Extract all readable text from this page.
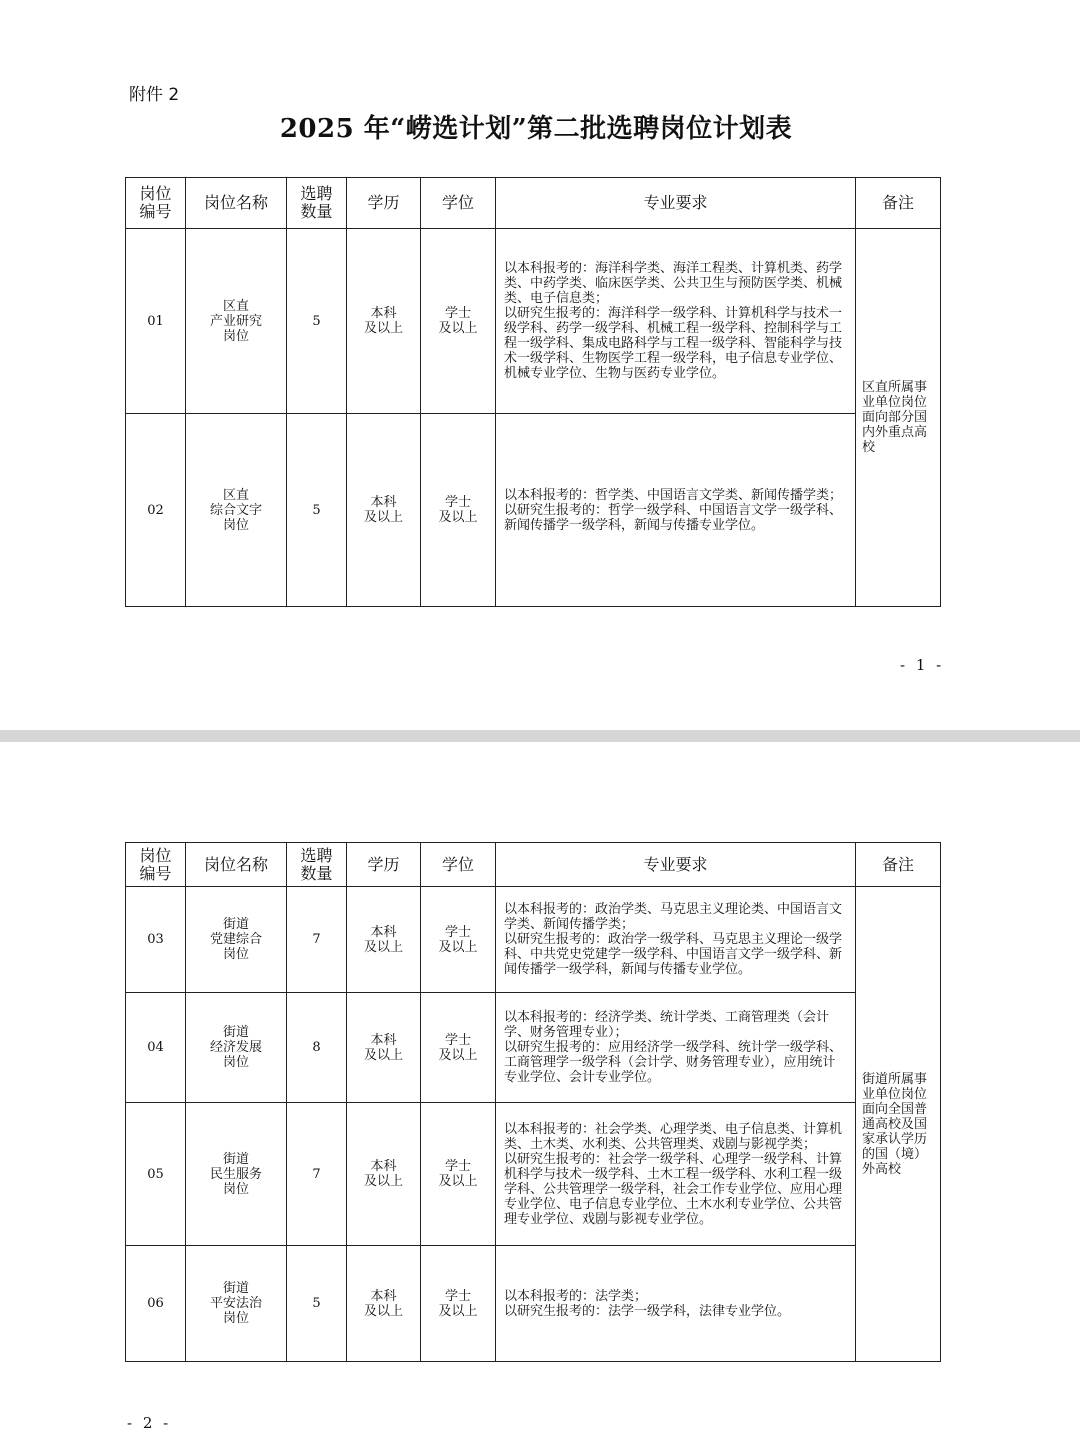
附件 2
2025 年“崂选计划”第二批选聘岗位计划表
岗位
编号	岗位名称	选聘
数量	学历	学位	专业要求	备注
01	区直
产业研究
岗位	5	本科
及以上	学士
及以上	以本科报考的：海洋科学类、海洋工程类、计算机类、药学类、中药学类、临床医学类、公共卫生与预防医学类、机械类、电子信息类；
以研究生报考的：海洋科学一级学科、计算机科学与技术一级学科、药学一级学科、机械工程一级学科、控制科学与工程一级学科、集成电路科学与工程一级学科、智能科学与技术一级学科、生物医学工程一级学科，电子信息专业学位、机械专业学位、生物与医药专业学位。	区直所属事业单位岗位面向部分国内外重点高校
02	区直
综合文字
岗位	5	本科
及以上	学士
及以上	以本科报考的：哲学类、中国语言文学类、新闻传播学类；
以研究生报考的：哲学一级学科、中国语言文学一级学科、新闻传播学一级学科，新闻与传播专业学位。	
- 1 -
岗位
编号	岗位名称	选聘
数量	学历	学位	专业要求	备注
03	街道
党建综合
岗位	7	本科
及以上	学士
及以上	以本科报考的：政治学类、马克思主义理论类、中国语言文学类、新闻传播学类；
以研究生报考的：政治学一级学科、马克思主义理论一级学科、中共党史党建学一级学科、中国语言文学一级学科、新闻传播学一级学科，新闻与传播专业学位。	街道所属事业单位岗位面向全国普通高校及国家承认学历的国（境）外高校
04	街道
经济发展
岗位	8	本科
及以上	学士
及以上	以本科报考的：经济学类、统计学类、工商管理类（会计学、财务管理专业）；
以研究生报考的：应用经济学一级学科、统计学一级学科、工商管理学一级学科（会计学、财务管理专业），应用统计专业学位、会计专业学位。	
05	街道
民生服务
岗位	7	本科
及以上	学士
及以上	以本科报考的：社会学类、心理学类、电子信息类、计算机类、土木类、水利类、公共管理类、戏剧与影视学类；
以研究生报考的：社会学一级学科、心理学一级学科、计算机科学与技术一级学科、土木工程一级学科、水利工程一级学科、公共管理学一级学科，社会工作专业学位、应用心理专业学位、电子信息专业学位、土木水利专业学位、公共管理专业学位、戏剧与影视专业学位。	
06	街道
平安法治
岗位	5	本科
及以上	学士
及以上	以本科报考的：法学类；
以研究生报考的：法学一级学科，法律专业学位。	
- 2 -
